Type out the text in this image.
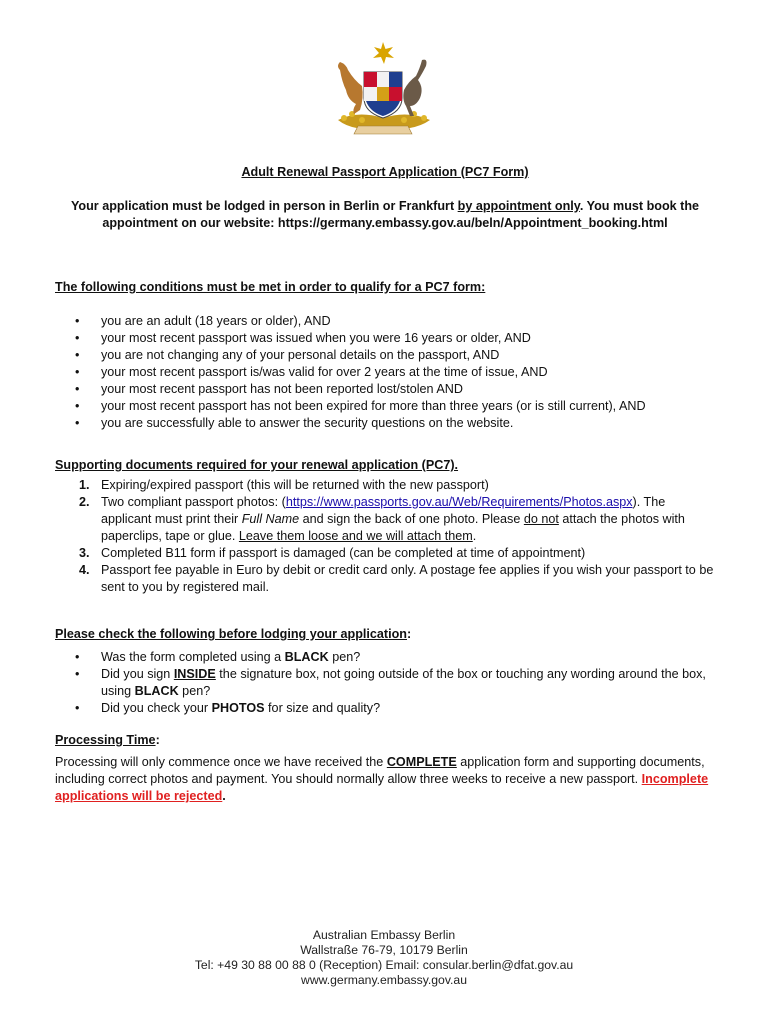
Adult Renewal Passport Application (PC7 Form)

Your application must be lodged in person in Berlin or Frankfurt by appointment only. You must book the appointment on our website: https://germany.embassy.gov.au/beln/Appointment_booking.html

The following conditions must be met in order to qualify for a PC7 form:

• you are an adult (18 years or older), AND
• your most recent passport was issued when you were 16 years or older, AND
• you are not changing any of your personal details on the passport, AND
• your most recent passport is/was valid for over 2 years at the time of issue, AND
• your most recent passport has not been reported lost/stolen AND
• your most recent passport has not been expired for more than three years (or is still current), AND
• you are successfully able to answer the security questions on the website.

Supporting documents required for your renewal application (PC7).

1. Expiring/expired passport (this will be returned with the new passport)
2. Two compliant passport photos: (https://www.passports.gov.au/Web/Requirements/Photos.aspx). The applicant must print their Full Name and sign the back of one photo. Please do not attach the photos with paperclips, tape or glue. Leave them loose and we will attach them.
3. Completed B11 form if passport is damaged (can be completed at time of appointment)
4. Passport fee payable in Euro by debit or credit card only. A postage fee applies if you wish your passport to be sent to you by registered mail.

Please check the following before lodging your application:

• Was the form completed using a BLACK pen?
• Did you sign INSIDE the signature box, not going outside of the box or touching any wording around the box, using BLACK pen?
• Did you check your PHOTOS for size and quality?

Processing Time:

Processing will only commence once we have received the COMPLETE application form and supporting documents, including correct photos and payment. You should normally allow three weeks to receive a new passport. Incomplete applications will be rejected.

Australian Embassy Berlin
Wallstraße 76-79, 10179 Berlin
Tel: +49 30 88 00 88 0 (Reception) Email: consular.berlin@dfat.gov.au
www.germany.embassy.gov.au
